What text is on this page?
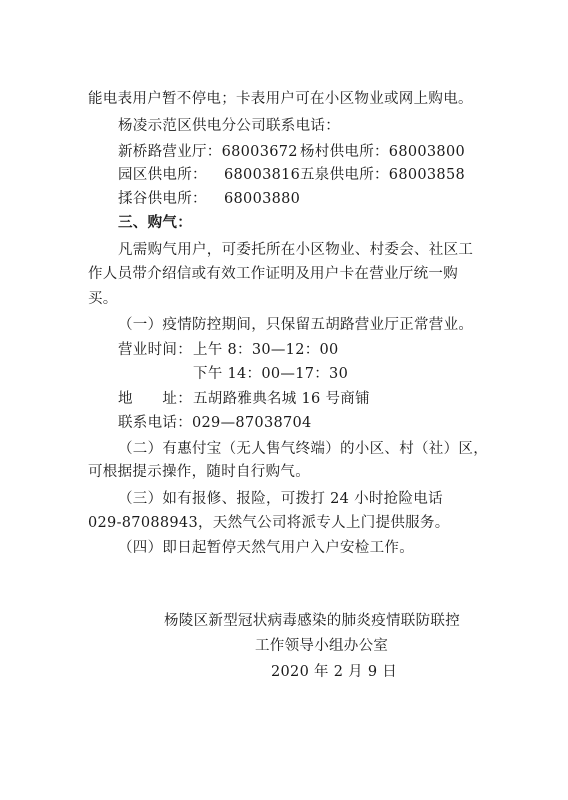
能电表用户暂不停电；卡表用户可在小区物业或网上购电。
杨凌示范区供电分公司联系电话：
新桥路营业厅：68003672 杨村供电所：68003800
园区供电所： 68003816 五泉供电所：68003858
揉谷供电所： 68003880
三、购气：
凡需购气用户，可委托所在小区物业、村委会、社区工
作人员带介绍信或有效工作证明及用户卡在营业厅统一购
买。
（一）疫情防控期间，只保留五胡路营业厅正常营业。
营业时间： 上午 8：30—12：00
下午 14：00—17：30
地　　址： 五胡路雅典名城 16 号商铺
联系电话：029—87038704
（二）有惠付宝（无人售气终端）的小区、村（社）区，
可根据提示操作，随时自行购气。
（三）如有报修、报险，可拨打 24 小时抢险电话
029-87088943，天然气公司将派专人上门提供服务。
（四）即日起暂停天然气用户入户安检工作。
杨陵区新型冠状病毒感染的肺炎疫情联防联控
工作领导小组办公室
2020 年 2 月 9 日
